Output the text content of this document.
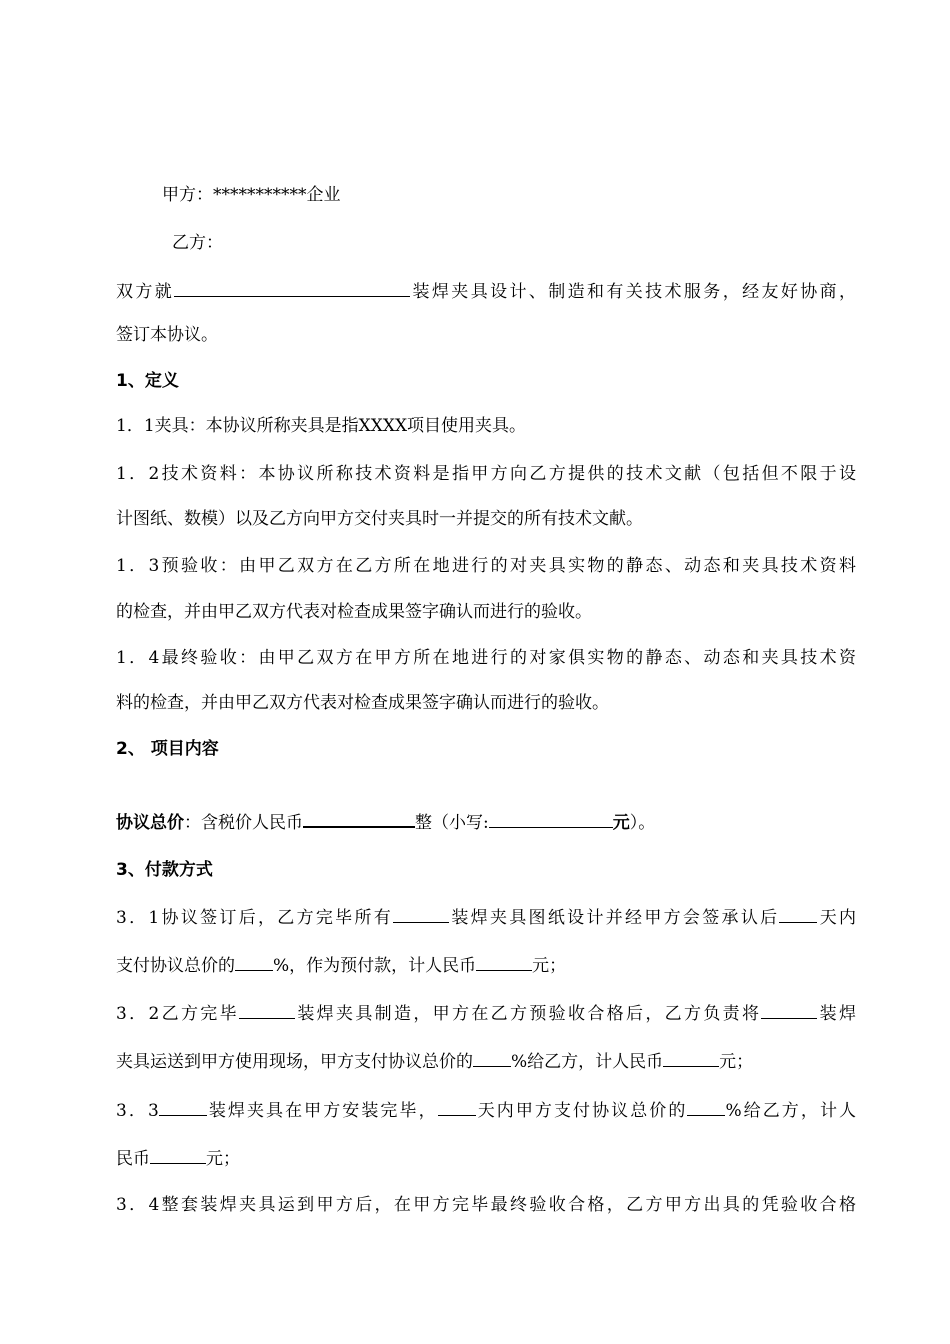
甲方：***********企业
乙方：
双方就	装焊夹具设计、制造和有关技术服务，经友好协商，
签订本协议。
1、定义
1．1夹具：本协议所称夹具是指XXXX项目使用夹具。
1．2技术资料：本协议所称技术资料是指甲方向乙方提供的技术文献（包括但不限于设
计图纸、数模）以及乙方向甲方交付夹具时一并提交的所有技术文献。
1．3预验收：由甲乙双方在乙方所在地进行的对夹具实物的静态、动态和夹具技术资料
的检查，并由甲乙双方代表对检查成果签字确认而进行的验收。
1．4最终验收：由甲乙双方在甲方所在地进行的对家俱实物的静态、动态和夹具技术资
料的检查，并由甲乙双方代表对检查成果签字确认而进行的验收。
2、 项目内容
协议总价：含税价人民币	整（小写:	元）。
3、付款方式
3．1协议签订后，乙方完毕所有	装焊夹具图纸设计并经甲方会签承认后 天内
支付协议总价的 %，作为预付款，计人民币	元；
3．2乙方完毕	装焊夹具制造，甲方在乙方预验收合格后，乙方负责将	装焊
夹具运送到甲方使用现场，甲方支付协议总价的 %给乙方，计人民币	元；
3．3	装焊夹具在甲方安装完毕， 天内甲方支付协议总价的 %给乙方，计人
民币	元；
3．4整套装焊夹具运到甲方后，在甲方完毕最终验收合格，乙方甲方出具的凭验收合格
